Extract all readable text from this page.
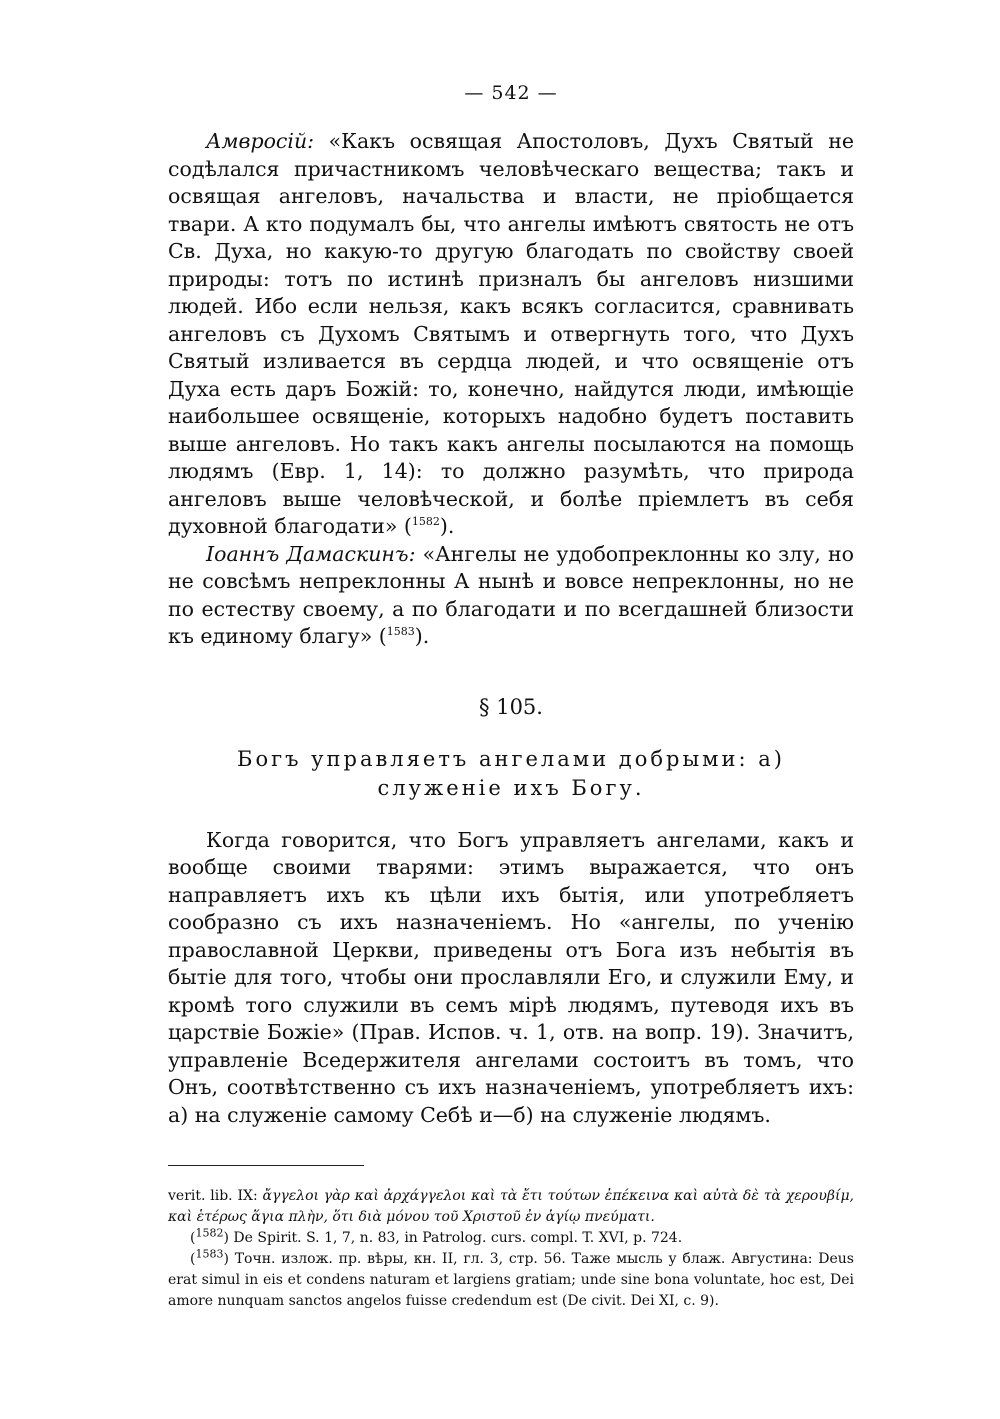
— 542 —

Амвросій: «Какъ освящая Апостоловъ, Духъ Святый не содѣлался причастникомъ человѣческаго вещества; такъ и освящая ангеловъ, начальства и власти, не пріобщается твари. А кто подумалъ бы, что ангелы имѣютъ святость не отъ Св. Духа, но какую-то другую благодать по свойству своей природы: тотъ по истинѣ призналъ бы ангеловъ низшими людей. Ибо если нельзя, какъ всякъ согласится, сравнивать ангеловъ съ Духомъ Святымъ и отвергнуть того, что Духъ Святый изливается въ сердца людей, и что освященіе отъ Духа есть даръ Божій: то, конечно, найдутся люди, имѣющіе наибольшее освященіе, которыхъ надобно будетъ поставить выше ангеловъ. Но такъ какъ ангелы посылаются на помощь людямъ (Евр. 1, 14): то должно разумѣть, что природа ангеловъ выше человѣческой, и болѣе пріемлетъ въ себя духовной благодати» ($^{1582}$).

Іоаннъ Дамаскинъ: «Ангелы не удобопреклонны ко злу, но не совсѣмъ непреклонны А нынѣ и вовсе непреклонны, но не по естеству своему, а по благодати и по всегдашней близости къ единому благу» ($^{1583}$).

§ 105.
Богъ управляетъ ангелами добрыми: а) служеніе ихъ Богу.

Когда говорится, что Богъ управляетъ ангелами, какъ и вообще своими тварями: этимъ выражается, что онъ направляетъ ихъ къ цѣли ихъ бытія, или употребляетъ сообразно съ ихъ назначеніемъ. Но «ангелы, по ученію православной Церкви, приведены отъ Бога изъ небытія въ бытіе для того, чтобы они прославляли Его, и служили Ему, и кромѣ того служили въ семъ мірѣ людямъ, путеводя ихъ въ царствіе Божіе» (Прав. Испов. ч. 1, отв. на вопр. 19). Значитъ, управленіе Вседержителя ангелами состоитъ въ томъ, что Онъ, соотвѣтственно съ ихъ назначеніемъ, употребляетъ ихъ: а) на служеніе самому Себѣ и—б) на служеніе людямъ.

verit. lib. IX: ἄγγελοι γὰρ καὶ ἀρχάγγελοι καὶ τὰ ἔτι τούτων ἐπέκεινα καὶ αὐτὰ δὲ τὰ χερουβίμ, καὶ ἑτέρως ἅγια πλὴν, ὅτι διὰ μόνου τοῦ Χριστοῦ ἐν ἁγίῳ πνεύματι.

($^{1582}$) De Spirit. S. 1, 7, n. 83, in Patrolog. curs. compl. T. XVI, p. 724.

($^{1583}$) Точн. излож. пр. вѣры, кн. II, гл. 3, стр. 56. Таже мысль у блаж. Августина: Deus erat simul in eis et condens naturam et largiens gratiam; unde sine bona voluntate, hoc est, Dei amore nunquam sanctos angelos fuisse credendum est (De civit. Dei XI, c. 9).
